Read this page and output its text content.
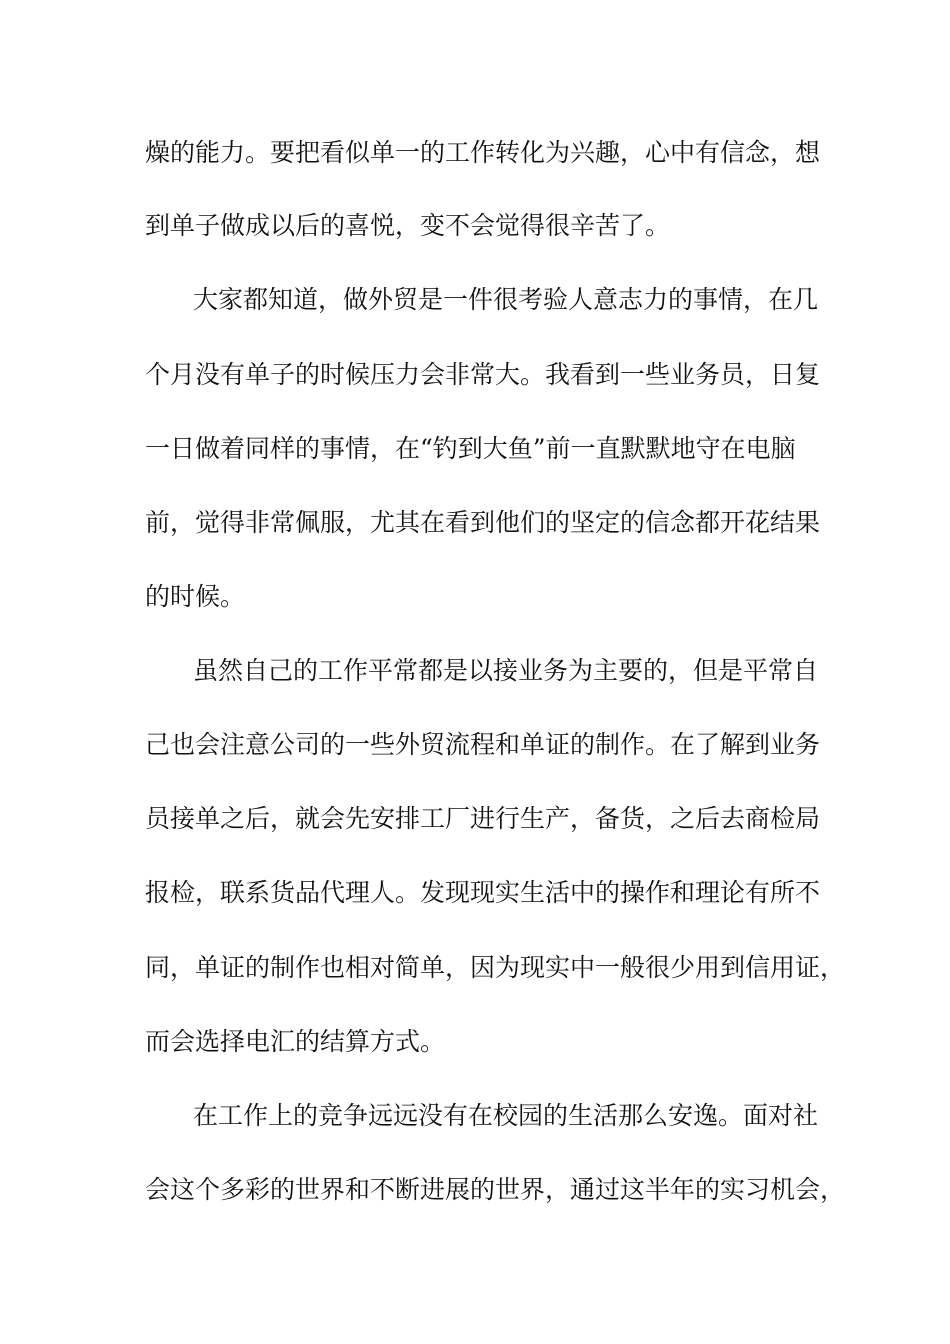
燥的能力。要把看似单一的工作转化为兴趣，心中有信念，想

到单子做成以后的喜悦，变不会觉得很辛苦了。

大家都知道，做外贸是一件很考验人意志力的事情，在几

个月没有单子的时候压力会非常大。我看到一些业务员，日复

一日做着同样的事情，在“钓到大鱼”前一直默默地守在电脑

前，觉得非常佩服，尤其在看到他们的坚定的信念都开花结果

的时候。

虽然自己的工作平常都是以接业务为主要的，但是平常自

己也会注意公司的一些外贸流程和单证的制作。在了解到业务

员接单之后，就会先安排工厂进行生产，备货，之后去商检局

报检，联系货品代理人。发现现实生活中的操作和理论有所不

同，单证的制作也相对简单，因为现实中一般很少用到信用证，

而会选择电汇的结算方式。

在工作上的竞争远远没有在校园的生活那么安逸。面对社

会这个多彩的世界和不断进展的世界，通过这半年的实习机会，
